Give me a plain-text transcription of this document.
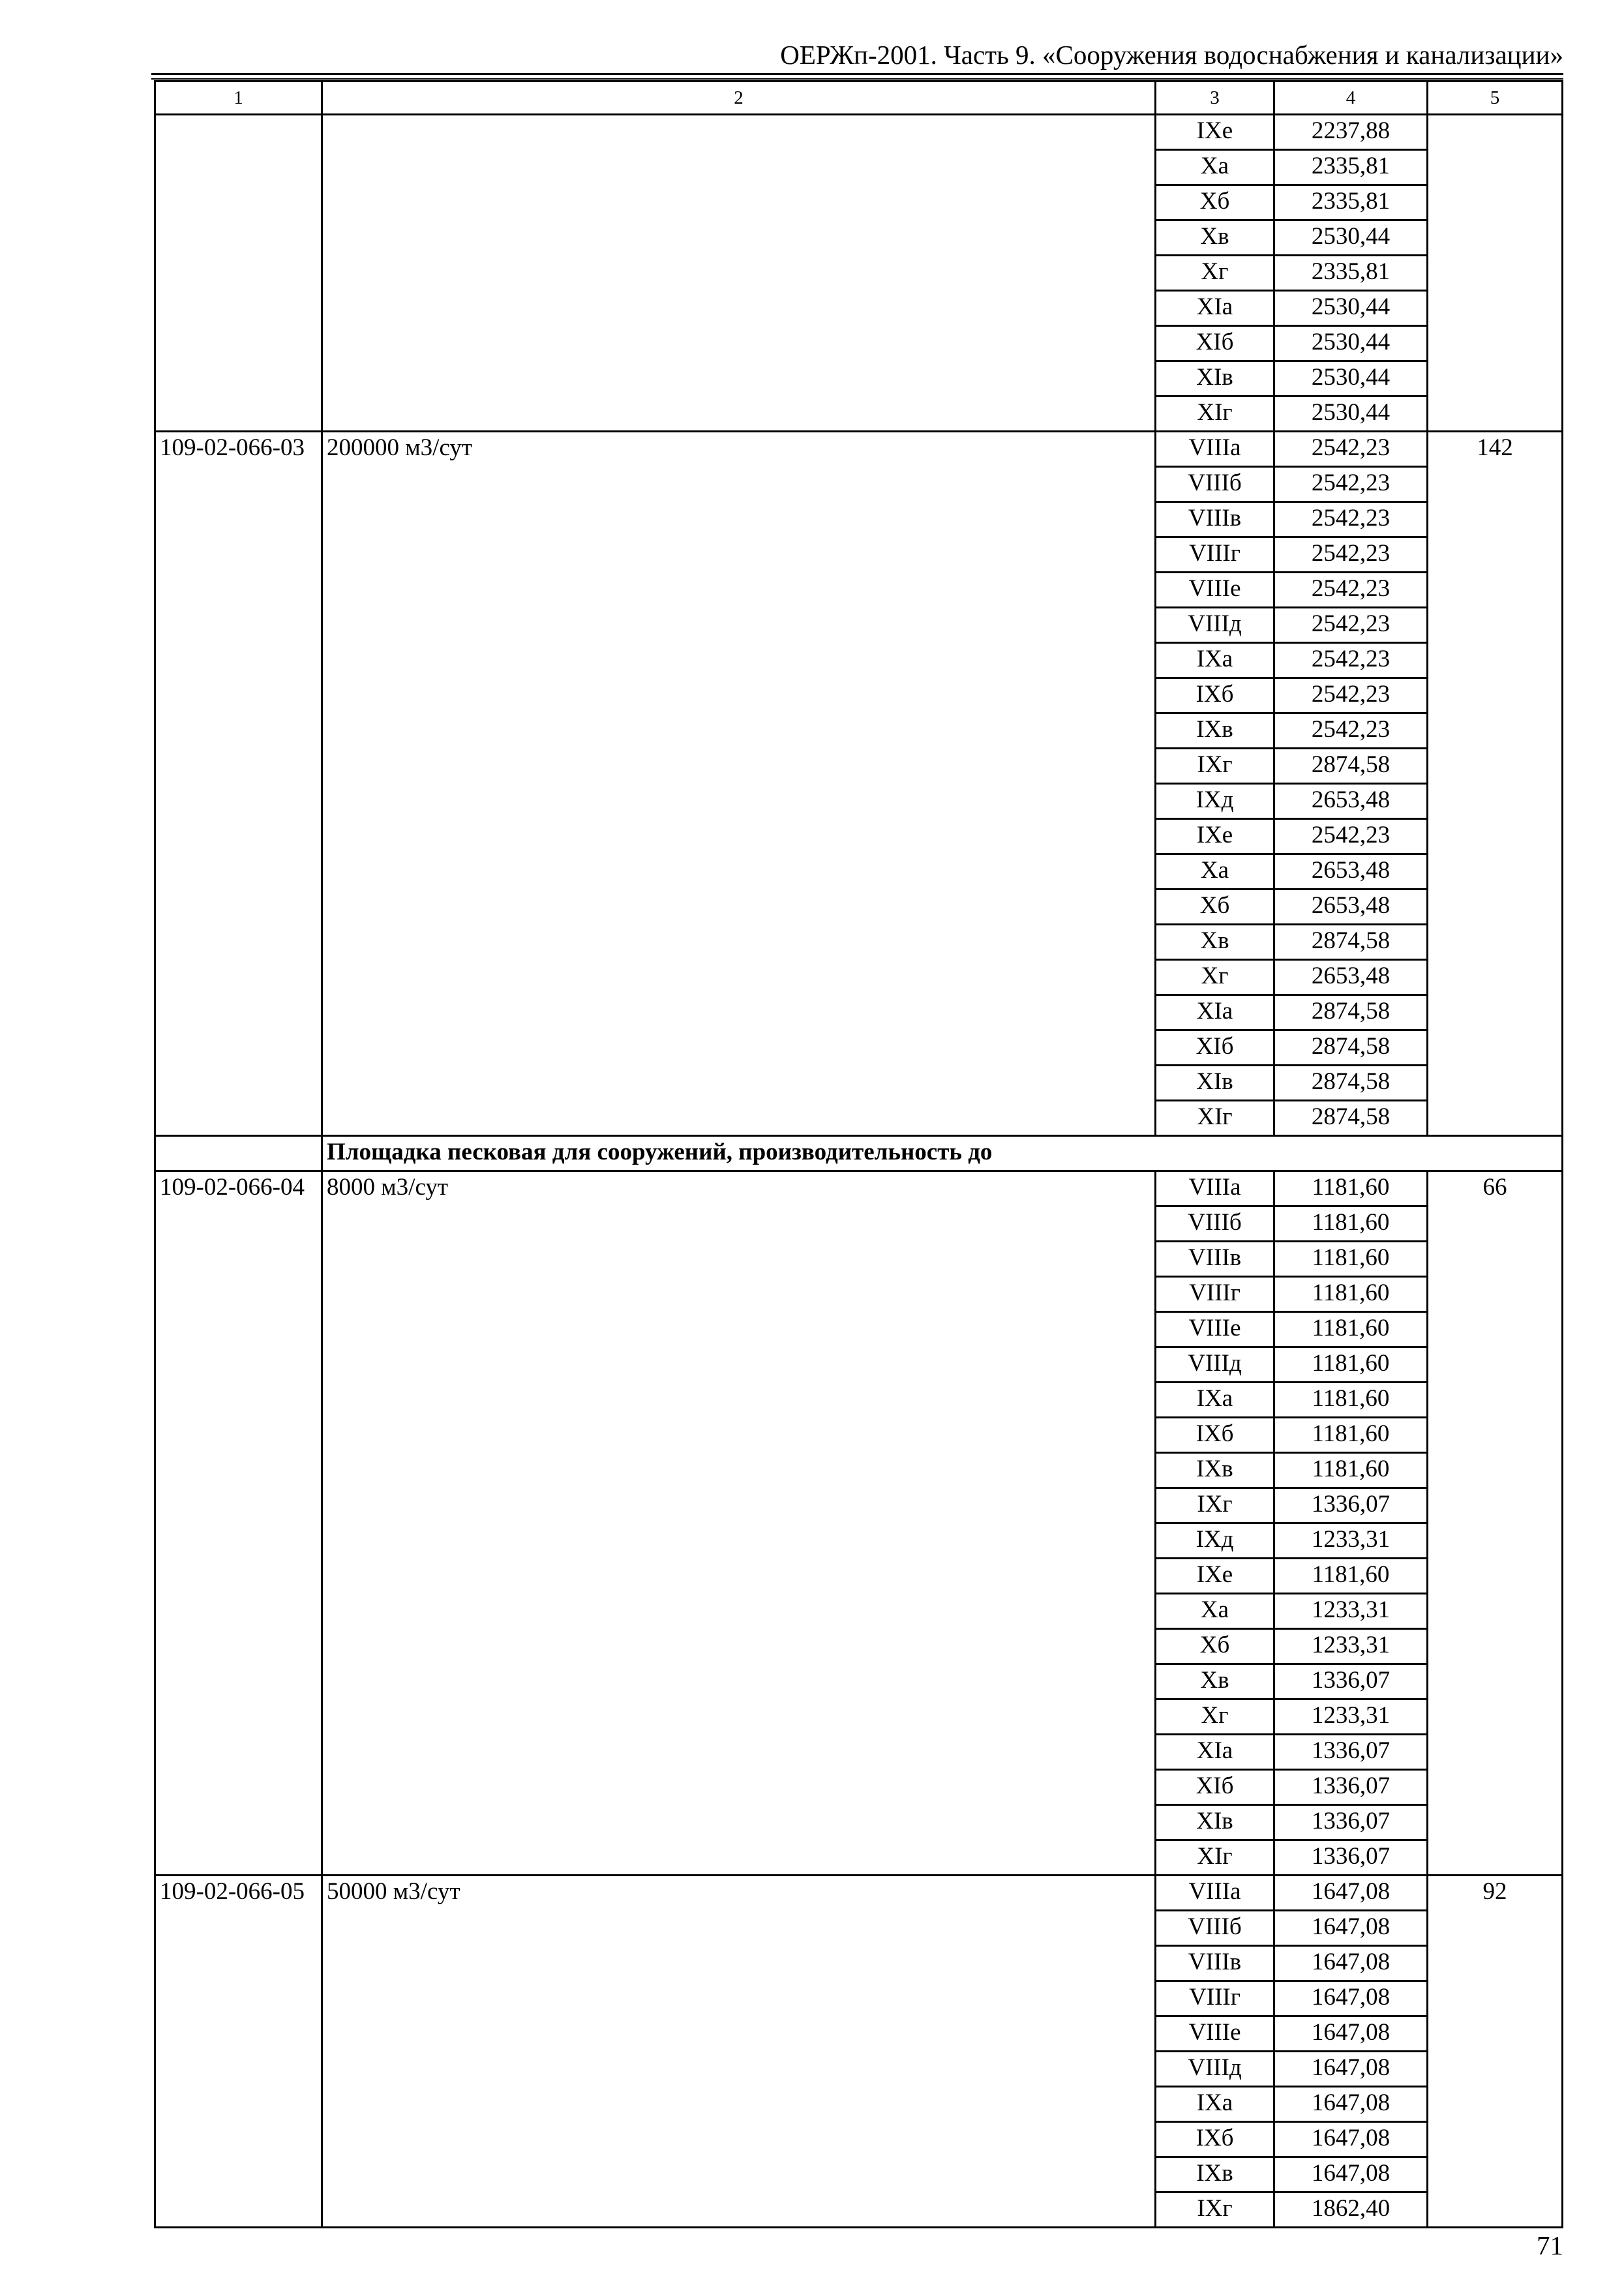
ОЕРЖп-2001. Часть 9. «Сооружения водоснабжения и канализации»
1	2	3	4	5
		IXе	2237,88	
		Xа	2335,81	
		Xб	2335,81	
		Xв	2530,44	
		Xг	2335,81	
		XIа	2530,44	
		XIб	2530,44	
		XIв	2530,44	
		XIг	2530,44	
109-02-066-03	200000 м3/сут	VIIIа	2542,23	142
		VIIIб	2542,23	
		VIIIв	2542,23	
		VIIIг	2542,23	
		VIIIе	2542,23	
		VIIIд	2542,23	
		IXа	2542,23	
		IXб	2542,23	
		IXв	2542,23	
		IXг	2874,58	
		IXд	2653,48	
		IXе	2542,23	
		Xа	2653,48	
		Xб	2653,48	
		Xв	2874,58	
		Xг	2653,48	
		XIа	2874,58	
		XIб	2874,58	
		XIв	2874,58	
		XIг	2874,58	
	Площадка песковая для сооружений, производительность до			
109-02-066-04	8000 м3/сут	VIIIа	1181,60	66
		VIIIб	1181,60	
		VIIIв	1181,60	
		VIIIг	1181,60	
		VIIIе	1181,60	
		VIIIд	1181,60	
		IXа	1181,60	
		IXб	1181,60	
		IXв	1181,60	
		IXг	1336,07	
		IXд	1233,31	
		IXе	1181,60	
		Xа	1233,31	
		Xб	1233,31	
		Xв	1336,07	
		Xг	1233,31	
		XIа	1336,07	
		XIб	1336,07	
		XIв	1336,07	
		XIг	1336,07	
109-02-066-05	50000 м3/сут	VIIIа	1647,08	92
		VIIIб	1647,08	
		VIIIв	1647,08	
		VIIIг	1647,08	
		VIIIе	1647,08	
		VIIIд	1647,08	
		IXа	1647,08	
		IXб	1647,08	
		IXв	1647,08	
		IXг	1862,40	
71
